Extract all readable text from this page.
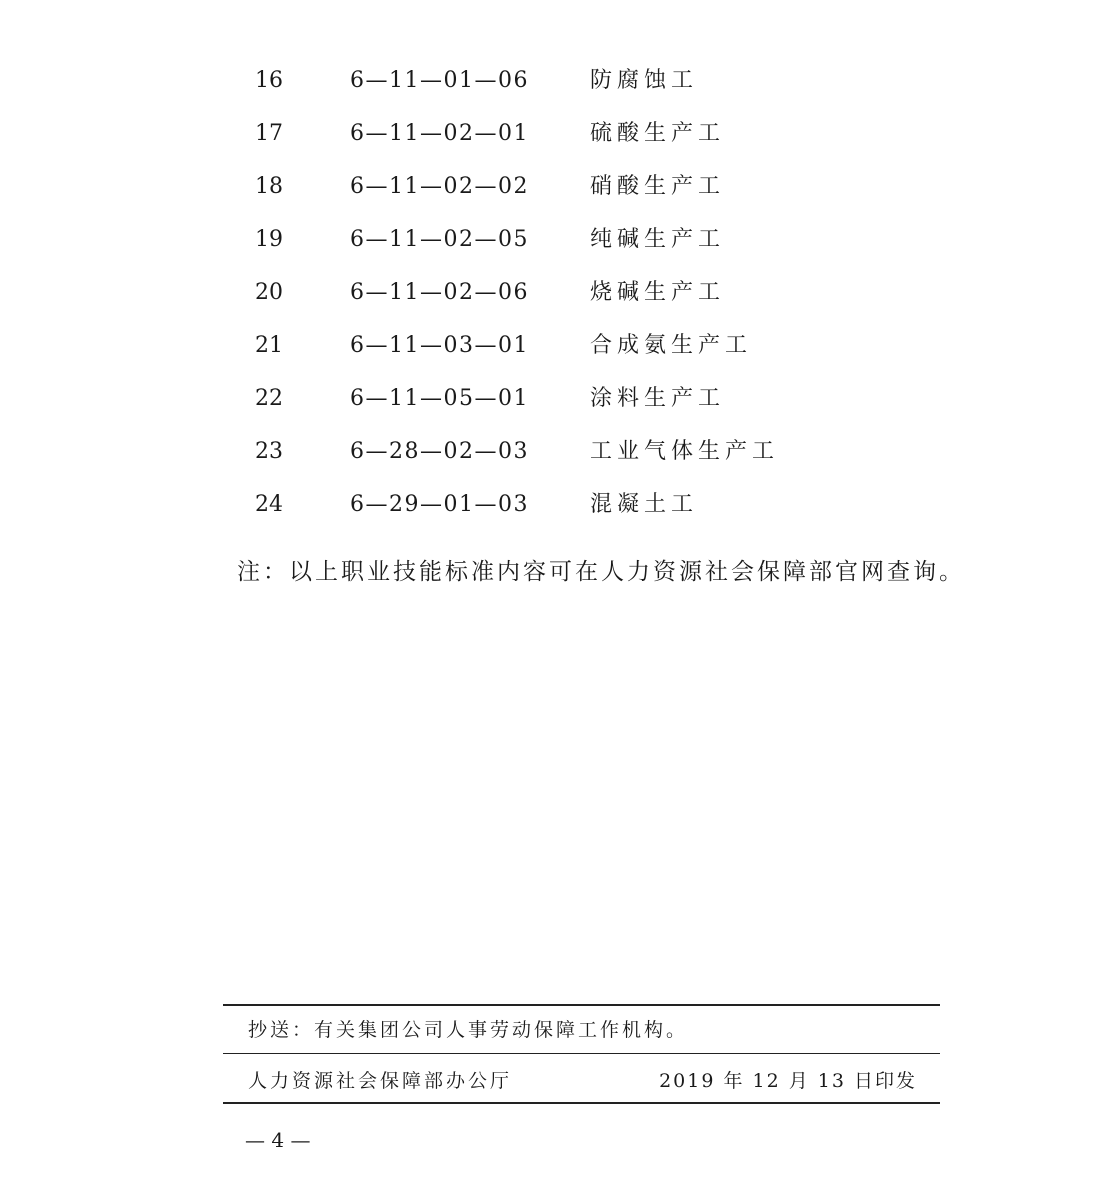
16	6—11—01—06	防腐蚀工
17	6—11—02—01	硫酸生产工
18	6—11—02—02	硝酸生产工
19	6—11—02—05	纯碱生产工
20	6—11—02—06	烧碱生产工
21	6—11—03—01	合成氨生产工
22	6—11—05—01	涂料生产工
23	6—28—02—03	工业气体生产工
24	6—29—01—03	混凝土工
注：以上职业技能标准内容可在人力资源社会保障部官网查询。
抄送：有关集团公司人事劳动保障工作机构。
人力资源社会保障部办公厅	2019 年 12 月 13 日印发
— 4 —
